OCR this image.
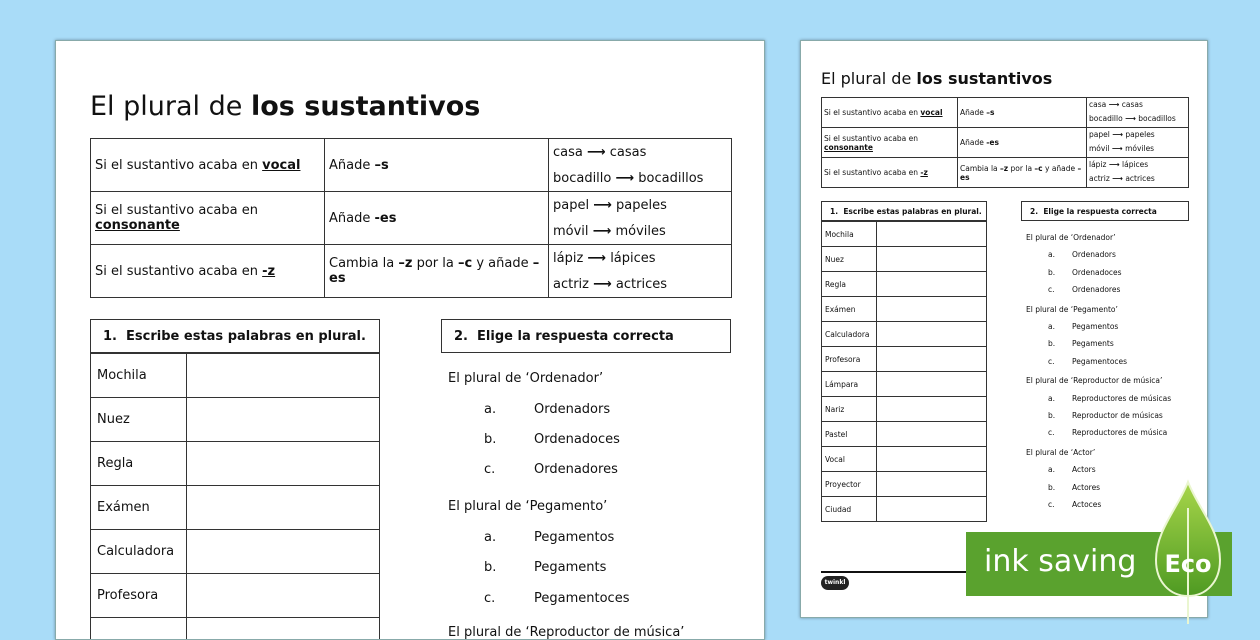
El plural de los sustantivos
Si el sustantivo acaba en vocal	Añade –s	casa ⟶ casas
bocadillo ⟶ bocadillos

Si el sustantivo acaba en consonante	Añade -es	papel ⟶ papeles
móvil ⟶ móviles

Si el sustantivo acaba en -z	Cambia la –z por la –c y añade –es	lápiz ⟶ lápices
actriz ⟶ actrices
1. Escribe estas palabras en plural.
Mochila	
Nuez	
Regla	
Exámen	
Calculadora	
Profesora	

2. Elige la respuesta correcta
El plural de ‘Ordenador’
a.	Ordenadors
b.	Ordenadoces
c.	Ordenadores
El plural de ‘Pegamento’
a.	Pegamentos
b.	Pegaments
c.	Pegamentoces
El plural de ‘Reproductor de música’
El plural de los sustantivos
Si el sustantivo acaba en vocal	Añade –s	casa ⟶ casas
bocadillo ⟶ bocadillos

Si el sustantivo acaba en consonante	Añade -es	papel ⟶ papeles
móvil ⟶ móviles

Si el sustantivo acaba en -z	Cambia la –z por la –c y añade –es	lápiz ⟶ lápices
actriz ⟶ actrices
1. Escribe estas palabras en plural.
Mochila	
Nuez	
Regla	
Exámen	
Calculadora	
Profesora	
Lámpara	
Nariz	
Pastel	
Vocal	
Proyector	
Ciudad	
2. Elige la respuesta correcta
El plural de ‘Ordenador’
a. Ordenadors
b. Ordenadoces
c. Ordenadores
El plural de ‘Pegamento’
a. Pegamentos
b. Pegaments
c. Pegamentoces
El plural de ‘Reproductor de música’
a. Reproductores de músicas
b. Reproductor de músicas
c. Reproductores de música
El plural de ‘Actor’
a. Actors
b. Actores
c. Actoces
twinkl
ink saving Eco
